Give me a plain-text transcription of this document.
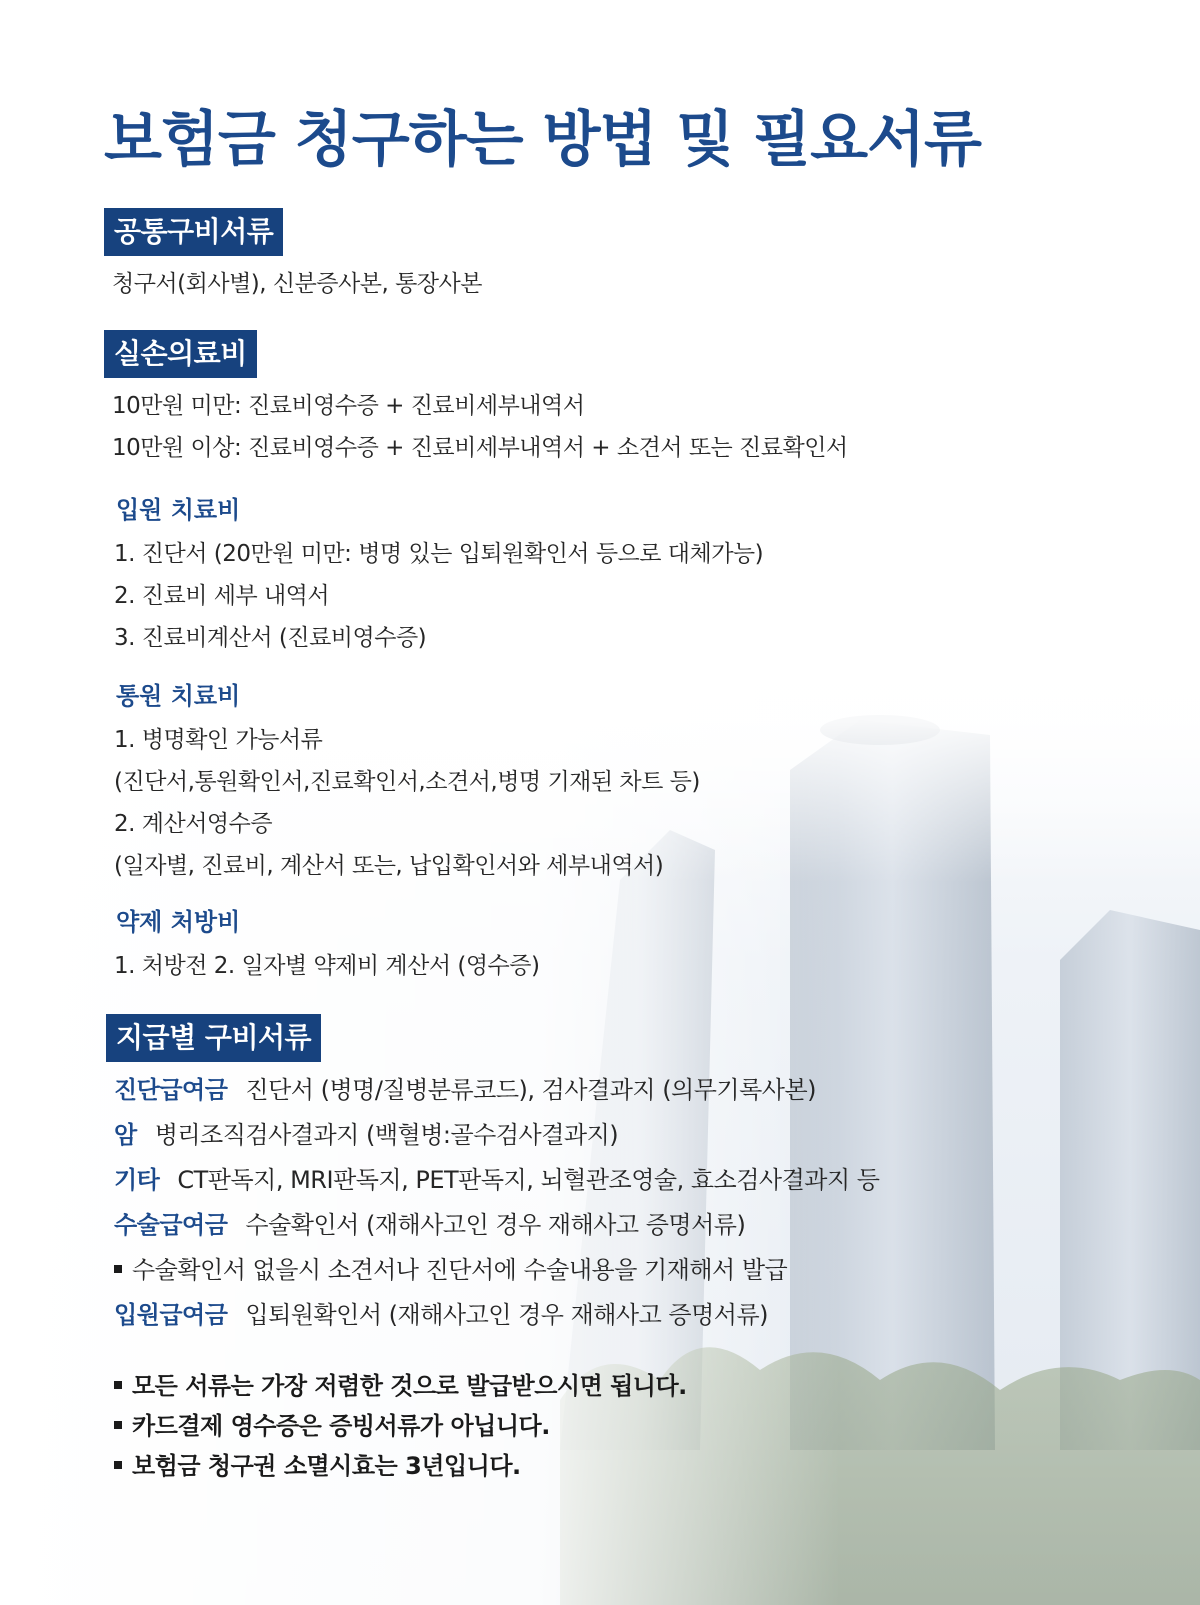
보험금 청구하는 방법 및 필요서류
공통구비서류
청구서(회사별), 신분증사본, 통장사본
실손의료비
10만원 미만: 진료비영수증 + 진료비세부내역서
10만원 이상: 진료비영수증 + 진료비세부내역서 + 소견서 또는 진료확인서
입원 치료비
1. 진단서 (20만원 미만: 병명 있는 입퇴원확인서 등으로 대체가능)
2. 진료비 세부 내역서
3. 진료비계산서 (진료비영수증)
통원 치료비
1. 병명확인 가능서류
(진단서,통원확인서,진료확인서,소견서,병명 기재된 차트 등)
2. 계산서영수증
(일자별, 진료비, 계산서 또는, 납입확인서와 세부내역서)
약제 처방비
1. 처방전 2. 일자별 약제비 계산서 (영수증)
지급별 구비서류
진단급여금 진단서 (병명/질병분류코드), 검사결과지 (의무기록사본)
암 병리조직검사결과지 (백혈병:골수검사결과지)
기타 CT판독지, MRI판독지, PET판독지, 뇌혈관조영술, 효소검사결과지 등
수술급여금 수술확인서 (재해사고인 경우 재해사고 증명서류)
수술확인서 없을시 소견서나 진단서에 수술내용을 기재해서 발급
입원급여금 입퇴원확인서 (재해사고인 경우 재해사고 증명서류)
모든 서류는 가장 저렴한 것으로 발급받으시면 됩니다.
카드결제 영수증은 증빙서류가 아닙니다.
보험금 청구권 소멸시효는 3년입니다.
